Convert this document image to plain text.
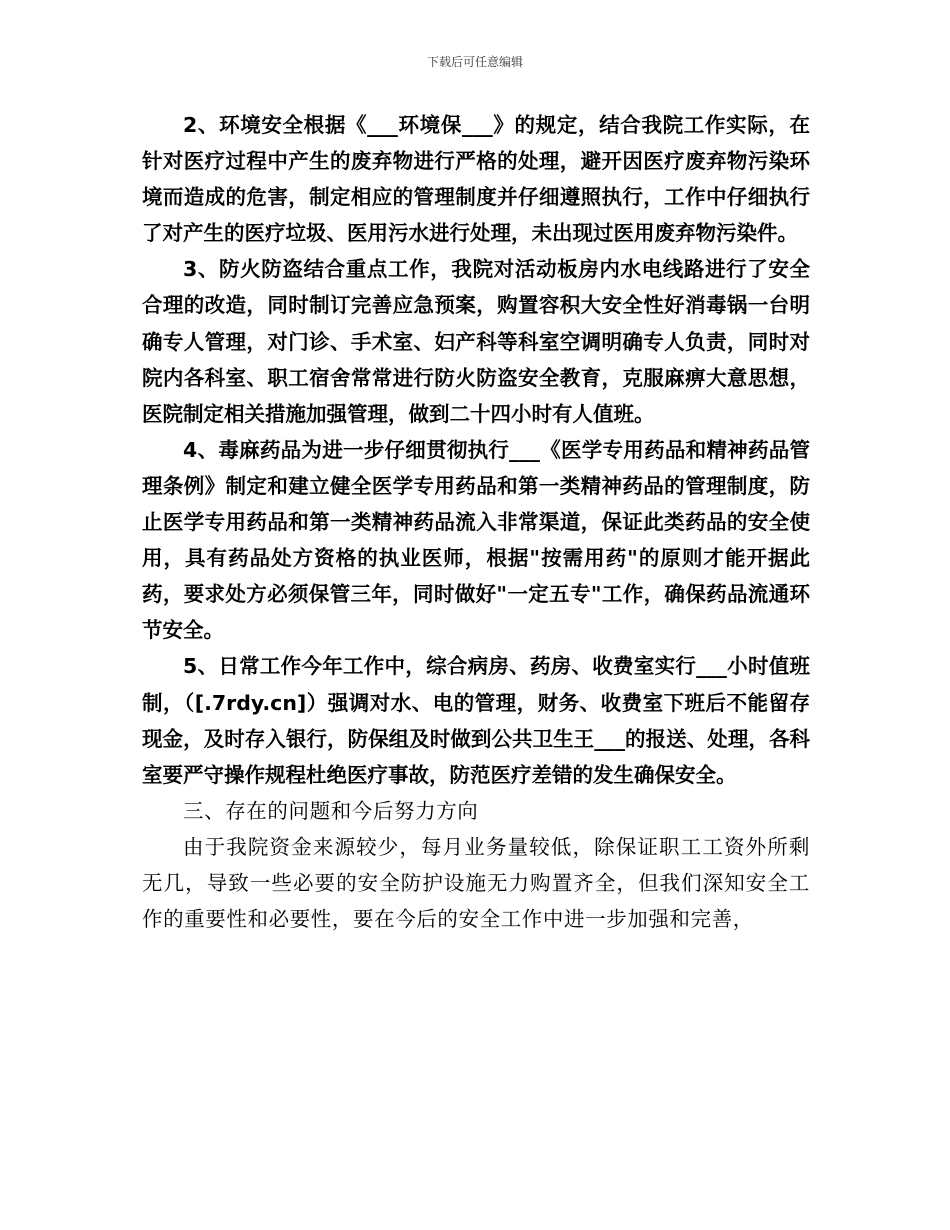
下载后可任意编辑

2、环境安全根据《___环境保___》的规定，结合我院工作实际，在针对医疗过程中产生的废弃物进行严格的处理，避开因医疗废弃物污染环境而造成的危害，制定相应的管理制度并仔细遵照执行，工作中仔细执行了对产生的医疗垃圾、医用污水进行处理，未出现过医用废弃物污染件。

3、防火防盗结合重点工作，我院对活动板房内水电线路进行了安全合理的改造，同时制订完善应急预案，购置容积大安全性好消毒锅一台明确专人管理，对门诊、手术室、妇产科等科室空调明确专人负责，同时对院内各科室、职工宿舍常常进行防火防盗安全教育，克服麻痹大意思想，医院制定相关措施加强管理，做到二十四小时有人值班。

4、毒麻药品为进一步仔细贯彻执行___《医学专用药品和精神药品管理条例》制定和建立健全医学专用药品和第一类精神药品的管理制度，防止医学专用药品和第一类精神药品流入非常渠道，保证此类药品的安全使用，具有药品处方资格的执业医师，根据"按需用药"的原则才能开据此药，要求处方必须保管三年，同时做好"一定五专"工作，确保药品流通环节安全。

5、日常工作今年工作中，综合病房、药房、收费室实行___小时值班制，（[.7rdy.cn]）强调对水、电的管理，财务、收费室下班后不能留存现金，及时存入银行，防保组及时做到公共卫生王___的报送、处理，各科室要严守操作规程杜绝医疗事故，防范医疗差错的发生确保安全。

三、存在的问题和今后努力方向

由于我院资金来源较少，每月业务量较低，除保证职工工资外所剩无几，导致一些必要的安全防护设施无力购置齐全，但我们深知安全工作的重要性和必要性，要在今后的安全工作中进一步加强和完善，
